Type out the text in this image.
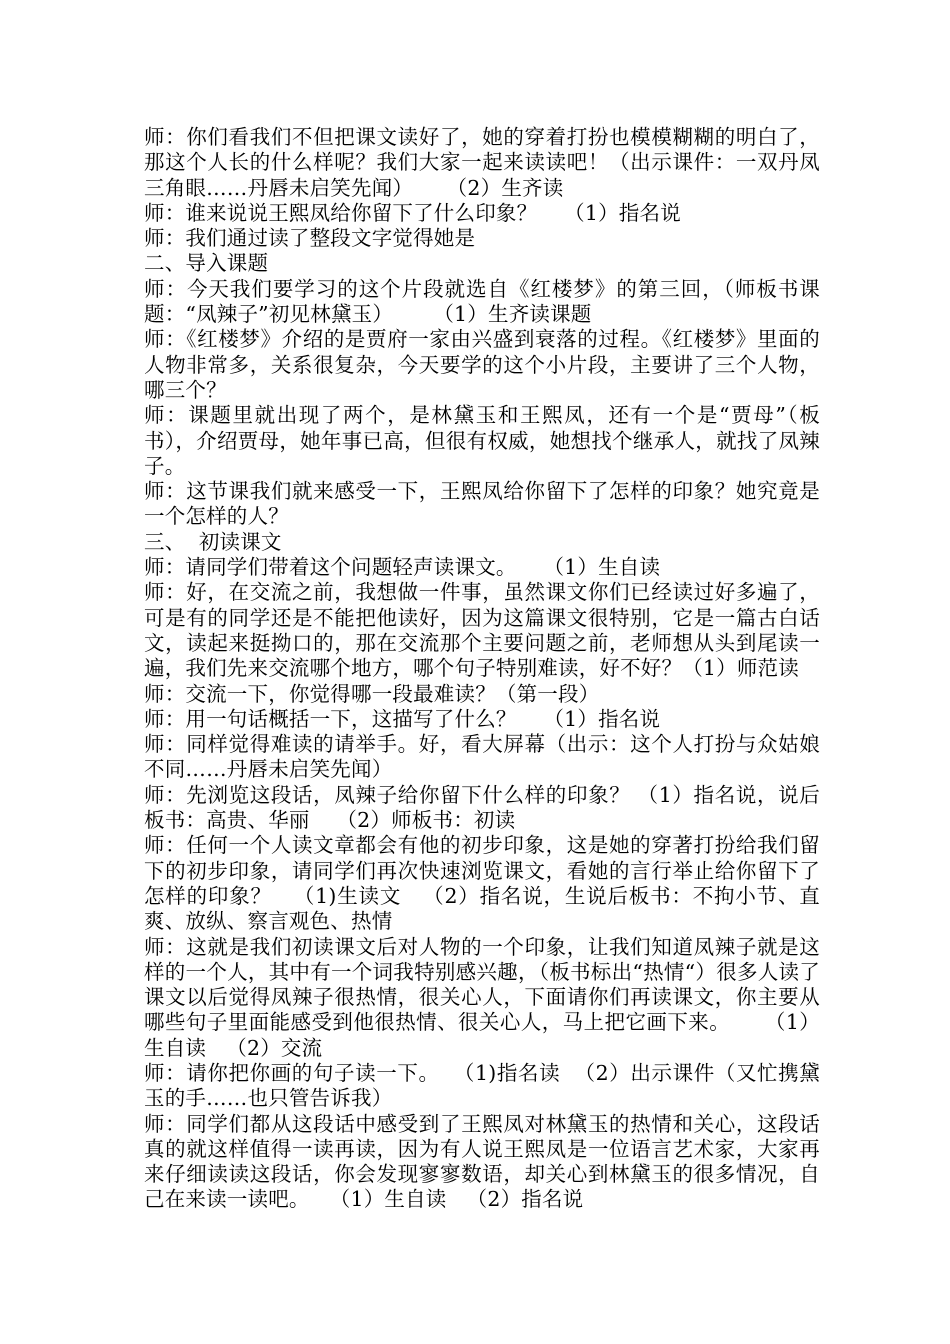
师：你们看我们不但把课文读好了，她的穿着打扮也模模糊糊的明白了，那这个人长的什么样呢？我们大家一起来读读吧！（出示课件：一双丹凤三角眼……丹唇未启笑先闻）     （2）生齐读

师：谁来说说王熙凤给你留下了什么印象？    （1）指名说

师：我们通过读了整段文字觉得她是

二、导入课题

师：今天我们要学习的这个片段就选自《红楼梦》的第三回，（师板书课题：“凤辣子”初见林黛玉）      （1）生齐读课题

师：《红楼梦》介绍的是贾府一家由兴盛到衰落的过程。《红楼梦》里面的人物非常多，关系很复杂，今天要学的这个小片段，主要讲了三个人物，哪三个？

师：课题里就出现了两个，是林黛玉和王熙凤，还有一个是“贾母”（板书），介绍贾母，她年事已高，但很有权威，她想找个继承人，就找了凤辣子。

师：这节课我们就来感受一下，王熙凤给你留下了怎样的印象？她究竟是一个怎样的人？

三、  初读课文

师：请同学们带着这个问题轻声读课文。    （1）生自读

师：好，在交流之前，我想做一件事，虽然课文你们已经读过好多遍了，可是有的同学还是不能把他读好，因为这篇课文很特别，它是一篇古白话文，读起来挺拗口的，那在交流那个主要问题之前，老师想从头到尾读一遍，我们先来交流哪个地方，哪个句子特别难读，好不好？（1）师范读

师：交流一下，你觉得哪一段最难读？（第一段）

师：用一句话概括一下，这描写了什么？    （1）指名说

师：同样觉得难读的请举手。好，看大屏幕（出示：这个人打扮与众姑娘不同……丹唇未启笑先闻）

师：先浏览这段话，凤辣子给你留下什么样的印象？ （1）指名说，说后板书：高贵、华丽    （2）师板书：初读

师：任何一个人读文章都会有他的初步印象，这是她的穿著打扮给我们留下的初步印象，请同学们再次快速浏览课文，看她的言行举止给你留下了怎样的印象？   （1)生读文   （2）指名说，生说后板书：不拘小节、直爽、放纵、察言观色、热情

师：这就是我们初读课文后对人物的一个印象，让我们知道凤辣子就是这样的一个人，其中有一个词我特别感兴趣，（板书标出“热情“）很多人读了课文以后觉得凤辣子很热情，很关心人，下面请你们再读课文，你主要从哪些句子里面能感受到他很热情、很关心人，马上把它画下来。     （1）生自读   （2）交流

师：请你把你画的句子读一下。  （1)指名读  （2）出示课件（又忙携黛玉的手……也只管告诉我）

师：同学们都从这段话中感受到了王熙凤对林黛玉的热情和关心，这段话真的就这样值得一读再读，因为有人说王熙凤是一位语言艺术家，大家再来仔细读读这段话，你会发现寥寥数语，却关心到林黛玉的很多情况，自己在来读一读吧。   （1）生自读   （2）指名说
